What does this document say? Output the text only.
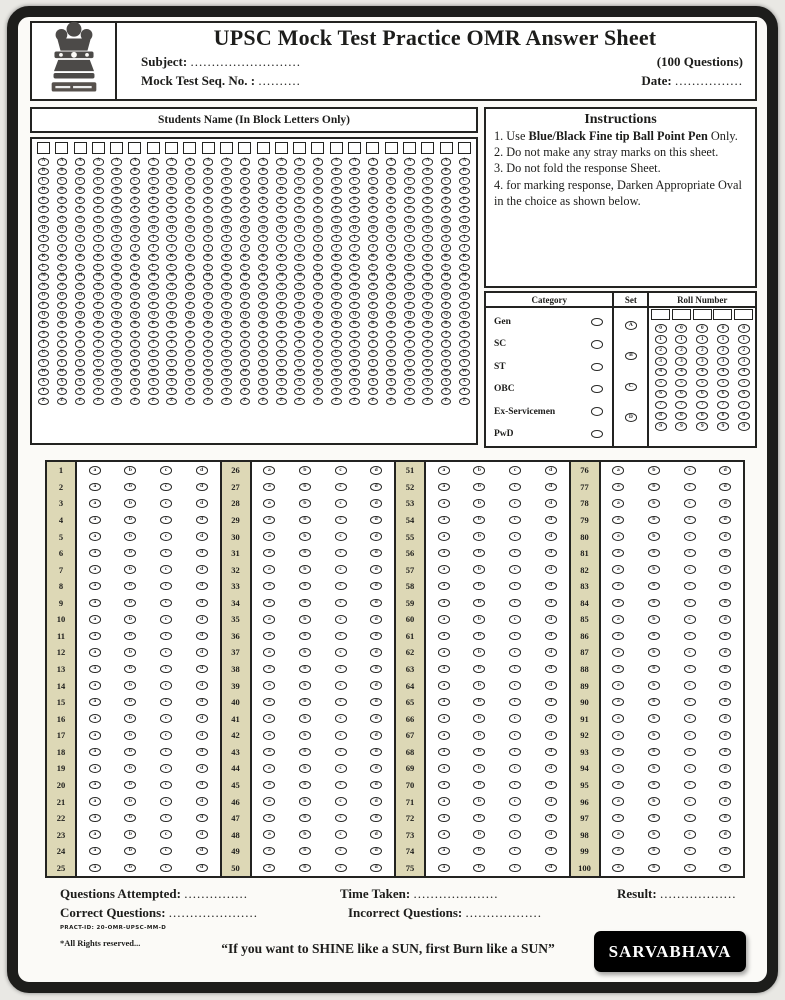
UPSC Mock Test Practice OMR Answer Sheet
Subject: ..........................	(100 Questions)
Mock Test Seq. No. : ..........	Date: ................
Students Name (In Block Letters Only)
A
B
C
D
E
F
G
H
I
J
K
L
M
N
O
P
Q
R
S
T
U
V
W
X
Y
Z
A
B
C
D
E
F
G
H
I
J
K
L
M
N
O
P
Q
R
S
T
U
V
W
X
Y
Z
A
B
C
D
E
F
G
H
I
J
K
L
M
N
O
P
Q
R
S
T
U
V
W
X
Y
Z
A
B
C
D
E
F
G
H
I
J
K
L
M
N
O
P
Q
R
S
T
U
V
W
X
Y
Z
A
B
C
D
E
F
G
H
I
J
K
L
M
N
O
P
Q
R
S
T
U
V
W
X
Y
Z
A
B
C
D
E
F
G
H
I
J
K
L
M
N
O
P
Q
R
S
T
U
V
W
X
Y
Z
A
B
C
D
E
F
G
H
I
J
K
L
M
N
O
P
Q
R
S
T
U
V
W
X
Y
Z
A
B
C
D
E
F
G
H
I
J
K
L
M
N
O
P
Q
R
S
T
U
V
W
X
Y
Z
A
B
C
D
E
F
G
H
I
J
K
L
M
N
O
P
Q
R
S
T
U
V
W
X
Y
Z
A
B
C
D
E
F
G
H
I
J
K
L
M
N
O
P
Q
R
S
T
U
V
W
X
Y
Z
A
B
C
D
E
F
G
H
I
J
K
L
M
N
O
P
Q
R
S
T
U
V
W
X
Y
Z
A
B
C
D
E
F
G
H
I
J
K
L
M
N
O
P
Q
R
S
T
U
V
W
X
Y
Z
A
B
C
D
E
F
G
H
I
J
K
L
M
N
O
P
Q
R
S
T
U
V
W
X
Y
Z
A
B
C
D
E
F
G
H
I
J
K
L
M
N
O
P
Q
R
S
T
U
V
W
X
Y
Z
A
B
C
D
E
F
G
H
I
J
K
L
M
N
O
P
Q
R
S
T
U
V
W
X
Y
Z
A
B
C
D
E
F
G
H
I
J
K
L
M
N
O
P
Q
R
S
T
U
V
W
X
Y
Z
A
B
C
D
E
F
G
H
I
J
K
L
M
N
O
P
Q
R
S
T
U
V
W
X
Y
Z
A
B
C
D
E
F
G
H
I
J
K
L
M
N
O
P
Q
R
S
T
U
V
W
X
Y
Z
A
B
C
D
E
F
G
H
I
J
K
L
M
N
O
P
Q
R
S
T
U
V
W
X
Y
Z
A
B
C
D
E
F
G
H
I
J
K
L
M
N
O
P
Q
R
S
T
U
V
W
X
Y
Z
A
B
C
D
E
F
G
H
I
J
K
L
M
N
O
P
Q
R
S
T
U
V
W
X
Y
Z
A
B
C
D
E
F
G
H
I
J
K
L
M
N
O
P
Q
R
S
T
U
V
W
X
Y
Z
A
B
C
D
E
F
G
H
I
J
K
L
M
N
O
P
Q
R
S
T
U
V
W
X
Y
Z
A
B
C
D
E
F
G
H
I
J
K
L
M
N
O
P
Q
R
S
T
U
V
W
X
Y
Z
Instructions
1. Use Blue/Black Fine tip Ball Point Pen Only.
2. Do not make any stray marks on this sheet.
3. Do not fold the response Sheet.
4. for marking response, Darken Appropriate Oval in the choice as shown below.
Category
Gen
SC
ST
OBC
Ex-Servicemen
PwD
Set
A
B
C
D
Roll Number
0
1
2
3
4
5
6
7
8
9
0
1
2
3
4
5
6
7
8
9
0
1
2
3
4
5
6
7
8
9
0
1
2
3
4
5
6
7
8
9
0
1
2
3
4
5
6
7
8
9
1	a	b	c	d
2	a	b	c	d
3	a	b	c	d
4	a	b	c	d
5	a	b	c	d
6	a	b	c	d
7	a	b	c	d
8	a	b	c	d
9	a	b	c	d
10	a	b	c	d
11	a	b	c	d
12	a	b	c	d
13	a	b	c	d
14	a	b	c	d
15	a	b	c	d
16	a	b	c	d
17	a	b	c	d
18	a	b	c	d
19	a	b	c	d
20	a	b	c	d
21	a	b	c	d
22	a	b	c	d
23	a	b	c	d
24	a	b	c	d
25	a	b	c	d
26	a	b	c	d
27	a	b	c	d
28	a	b	c	d
29	a	b	c	d
30	a	b	c	d
31	a	b	c	d
32	a	b	c	d
33	a	b	c	d
34	a	b	c	d
35	a	b	c	d
36	a	b	c	d
37	a	b	c	d
38	a	b	c	d
39	a	b	c	d
40	a	b	c	d
41	a	b	c	d
42	a	b	c	d
43	a	b	c	d
44	a	b	c	d
45	a	b	c	d
46	a	b	c	d
47	a	b	c	d
48	a	b	c	d
49	a	b	c	d
50	a	b	c	d
51	a	b	c	d
52	a	b	c	d
53	a	b	c	d
54	a	b	c	d
55	a	b	c	d
56	a	b	c	d
57	a	b	c	d
58	a	b	c	d
59	a	b	c	d
60	a	b	c	d
61	a	b	c	d
62	a	b	c	d
63	a	b	c	d
64	a	b	c	d
65	a	b	c	d
66	a	b	c	d
67	a	b	c	d
68	a	b	c	d
69	a	b	c	d
70	a	b	c	d
71	a	b	c	d
72	a	b	c	d
73	a	b	c	d
74	a	b	c	d
75	a	b	c	d
76	a	b	c	d
77	a	b	c	d
78	a	b	c	d
79	a	b	c	d
80	a	b	c	d
81	a	b	c	d
82	a	b	c	d
83	a	b	c	d
84	a	b	c	d
85	a	b	c	d
86	a	b	c	d
87	a	b	c	d
88	a	b	c	d
89	a	b	c	d
90	a	b	c	d
91	a	b	c	d
92	a	b	c	d
93	a	b	c	d
94	a	b	c	d
95	a	b	c	d
96	a	b	c	d
97	a	b	c	d
98	a	b	c	d
99	a	b	c	d
100	a	b	c	d
Questions Attempted: ...............	Time Taken: ....................	Result: ..................
Correct Questions: .....................	Incorrect Questions: ..................
PRACT-ID: 20-OMR-UPSC-MM-D
*All Rights reserved...	“If you want to SHINE like a SUN, first Burn like a SUN”	SARVABHAVA
